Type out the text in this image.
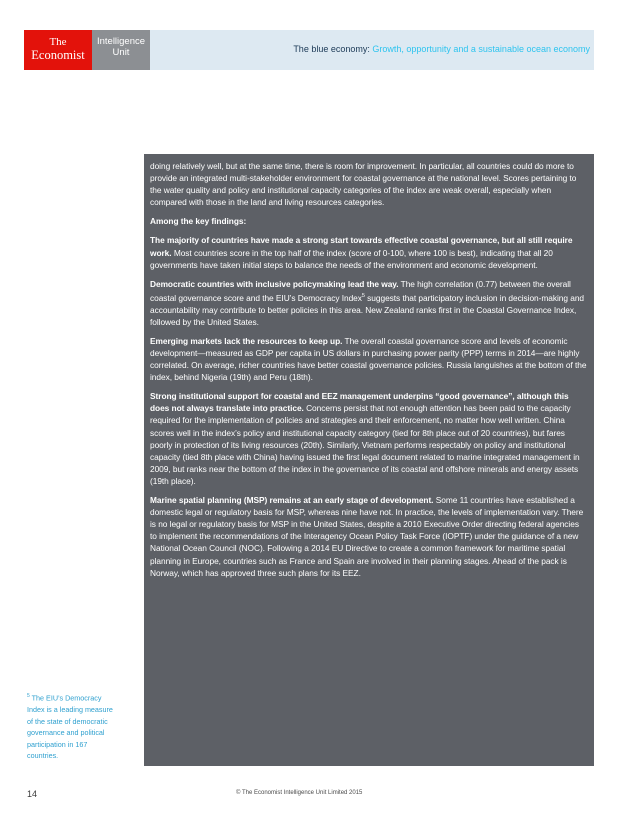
The
Economist
Intelligence
Unit	The blue economy: Growth, opportunity and a sustainable ocean economy

doing relatively well, but at the same time, there is room for improvement. In particular, all countries could do more to provide an integrated multi-stakeholder environment for coastal governance at the national level. Scores pertaining to the water quality and policy and institutional capacity categories of the index are weak overall, especially when compared with those in the land and living resources categories.

Among the key findings:

The majority of countries have made a strong start towards effective coastal governance, but all still require work. Most countries score in the top half of the index (score of 0-100, where 100 is best), indicating that all 20 governments have taken initial steps to balance the needs of the environment and economic development.

Democratic countries with inclusive policymaking lead the way. The high correlation (0.77) between the overall coastal governance score and the EIU’s Democracy Index$^5$ suggests that participatory inclusion in decision-making and accountability may contribute to better policies in this area. New Zealand ranks first in the Coastal Governance Index, followed by the United States.

Emerging markets lack the resources to keep up. The overall coastal governance score and levels of economic development—measured as GDP per capita in US dollars in purchasing power parity (PPP) terms in 2014—are highly correlated. On average, richer countries have better coastal governance policies. Russia languishes at the bottom of the index, behind Nigeria (19th) and Peru (18th).

Strong institutional support for coastal and EEZ management underpins “good governance”, although this does not always translate into practice. Concerns persist that not enough attention has been paid to the capacity required for the implementation of policies and strategies and their enforcement, no matter how well written. China scores well in the index’s policy and institutional capacity category (tied for 8th place out of 20 countries), but fares poorly in protection of its living resources (20th). Similarly, Vietnam performs respectably on policy and institutional capacity (tied 8th place with China) having issued the first legal document related to marine integrated management in 2009, but ranks near the bottom of the index in the governance of its coastal and offshore minerals and energy assets (19th place).

Marine spatial planning (MSP) remains at an early stage of development. Some 11 countries have established a domestic legal or regulatory basis for MSP, whereas nine have not. In practice, the levels of implementation vary. There is no legal or regulatory basis for MSP in the United States, despite a 2010 Executive Order directing federal agencies to implement the recommendations of the Interagency Ocean Policy Task Force (IOPTF) under the guidance of a new National Ocean Council (NOC). Following a 2014 EU Directive to create a common framework for maritime spatial planning in Europe, countries such as France and Spain are involved in their planning stages. Ahead of the pack is Norway, which has approved three such plans for its EEZ.

$^5$ The EIU’s Democracy Index is a leading measure of the state of democratic governance and political participation in 167 countries.
14	© The Economist Intelligence Unit Limited 2015
